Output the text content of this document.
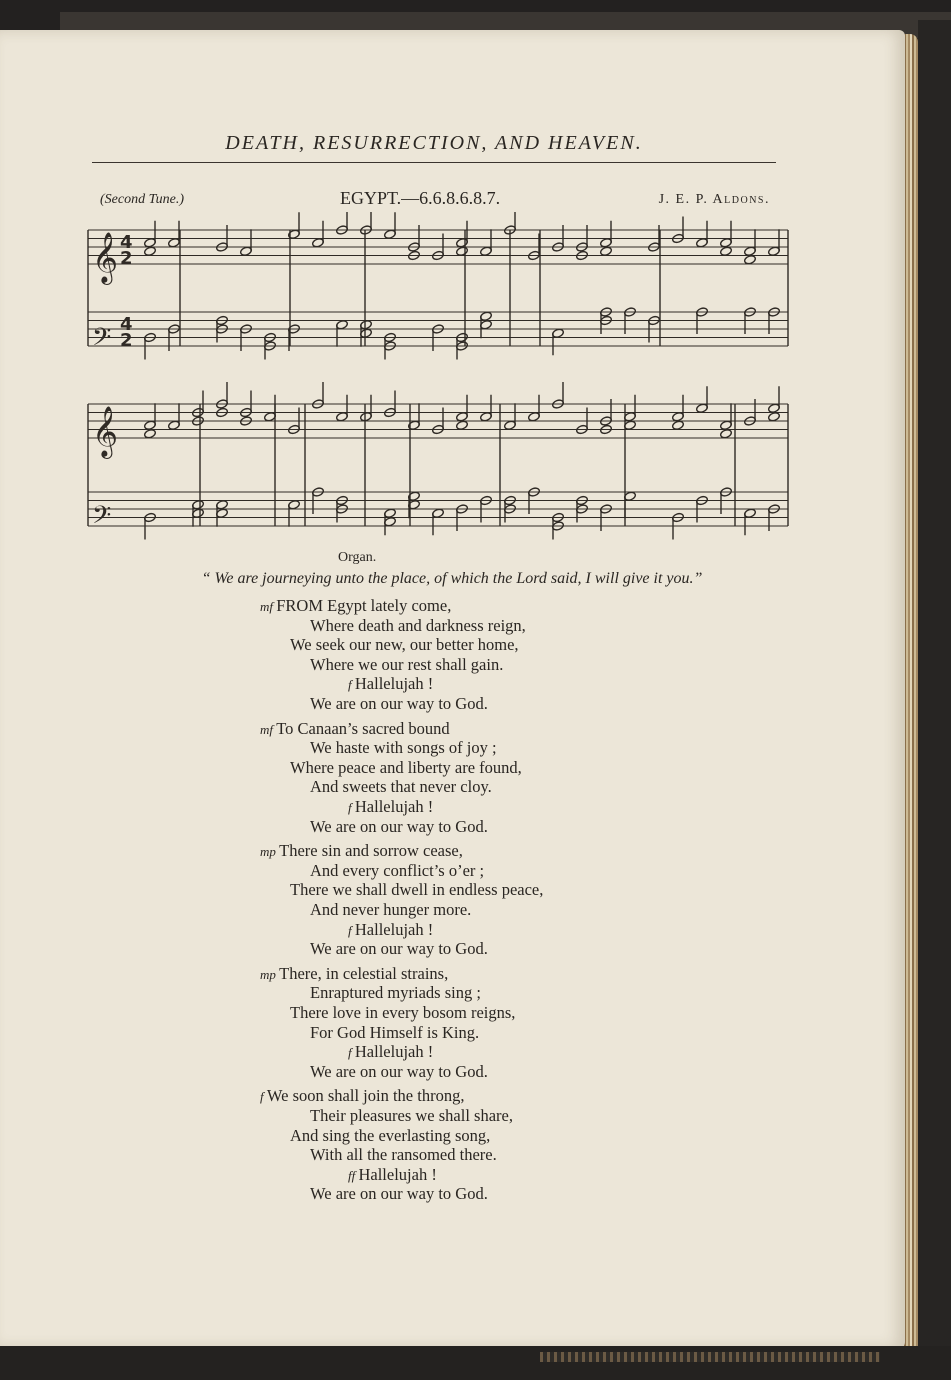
DEATH, RESURRECTION, AND HEAVEN.
(Second Tune.)	EGYPT.—6.6.8.6.8.7.	J. E. P. Aldons.
𝄞
𝄢
𝄞
𝄢
4
2
4
2
Organ.
“ We are journeying unto the place, of which the Lord said, I will give it you.”
mf FROM Egypt lately come,
Where death and darkness reign,
We seek our new, our better home,
Where we our rest shall gain.
f Hallelujah !
We are on our way to God.
mf To Canaan’s sacred bound
We haste with songs of joy ;
Where peace and liberty are found,
And sweets that never cloy.
f Hallelujah !
We are on our way to God.
mp There sin and sorrow cease,
And every conflict’s o’er ;
There we shall dwell in endless peace,
And never hunger more.
f Hallelujah !
We are on our way to God.
mp There, in celestial strains,
Enraptured myriads sing ;
There love in every bosom reigns,
For God Himself is King.
f Hallelujah !
We are on our way to God.
f We soon shall join the throng,
Their pleasures we shall share,
And sing the everlasting song,
With all the ransomed there.
ff Hallelujah !
We are on our way to God.
